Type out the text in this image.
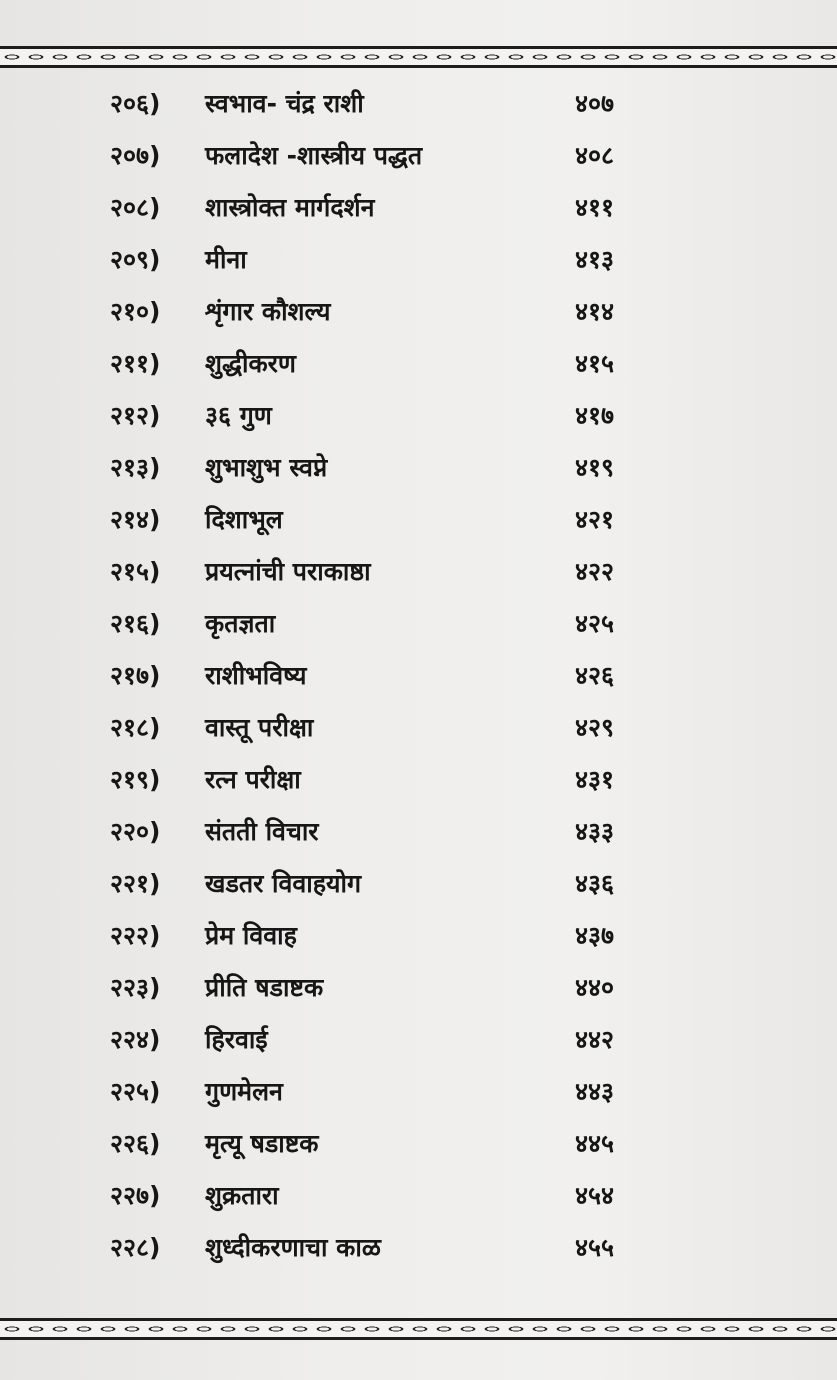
२०६) स्वभाव- चंद्र राशी	४०७
२०७) फलादेश -शास्त्रीय पद्धत	४०८
२०८) शास्त्रोक्त मार्गदर्शन	४११
२०९) मीना	४१३
२१०) शृंगार कौशल्य	४१४
२११) शुद्धीकरण	४१५
२१२) ३६ गुण	४१७
२१३) शुभाशुभ स्वप्ने	४१९
२१४) दिशाभूल	४२१
२१५) प्रयत्नांची पराकाष्ठा	४२२
२१६) कृतज्ञता	४२५
२१७) राशीभविष्य	४२६
२१८) वास्तू परीक्षा	४२९
२१९) रत्न परीक्षा	४३१
२२०) संतती विचार	४३३
२२१) खडतर विवाहयोग	४३६
२२२) प्रेम विवाह	४३७
२२३) प्रीति षडाष्टक	४४०
२२४) हिरवाई	४४२
२२५) गुणमेलन	४४३
२२६) मृत्यू षडाष्टक	४४५
२२७) शुक्रतारा	४५४
२२८) शुध्दीकरणाचा काळ	४५५
